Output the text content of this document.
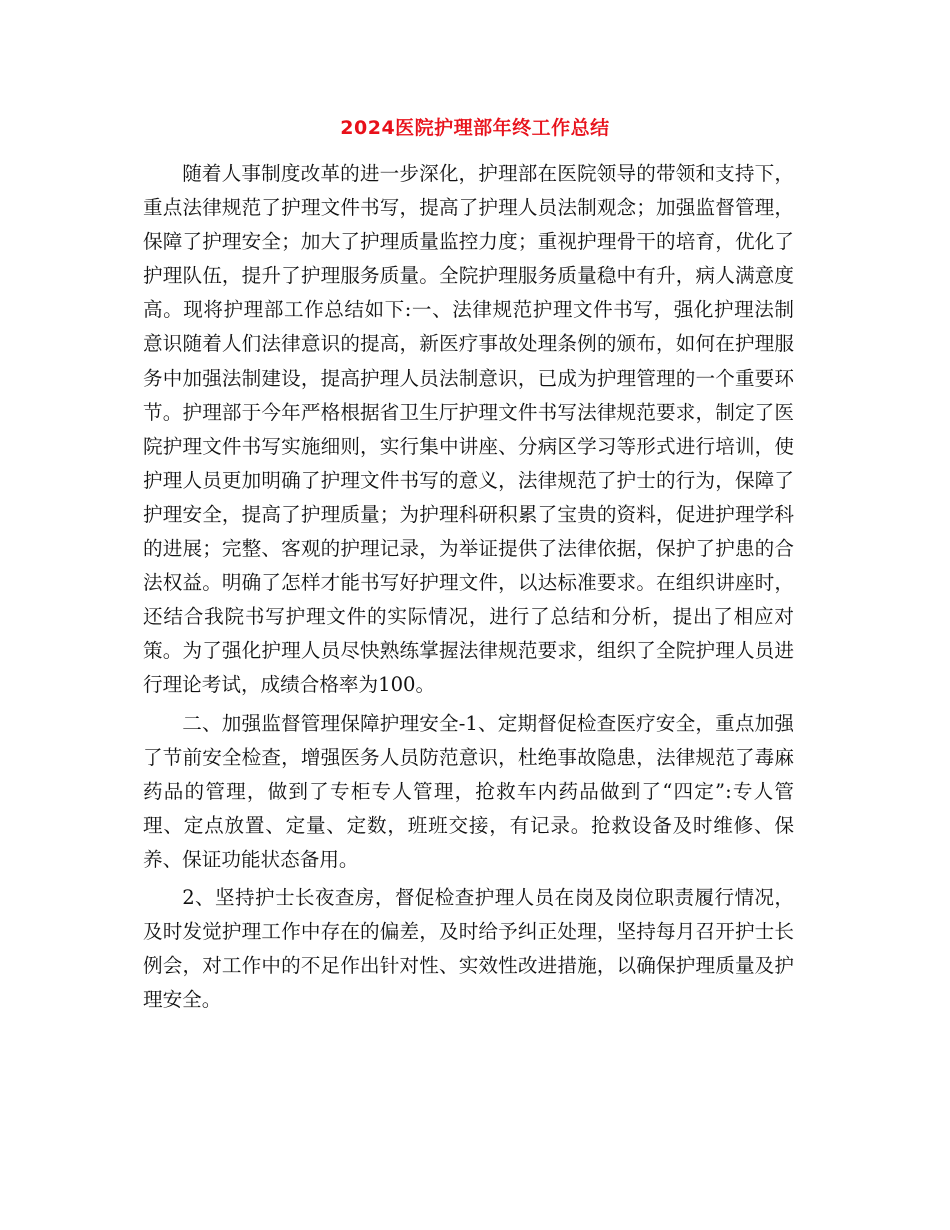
2024医院护理部年终工作总结

随着人事制度改革的进一步深化，护理部在医院领导的带领和支持下，重点法律规范了护理文件书写，提高了护理人员法制观念；加强监督管理，保障了护理安全；加大了护理质量监控力度；重视护理骨干的培育，优化了护理队伍，提升了护理服务质量。全院护理服务质量稳中有升，病人满意度高。现将护理部工作总结如下:一、法律规范护理文件书写，强化护理法制意识随着人们法律意识的提高，新医疗事故处理条例的颁布，如何在护理服务中加强法制建设，提高护理人员法制意识，已成为护理管理的一个重要环节。护理部于今年严格根据省卫生厅护理文件书写法律规范要求，制定了医院护理文件书写实施细则，实行集中讲座、分病区学习等形式进行培训，使护理人员更加明确了护理文件书写的意义，法律规范了护士的行为，保障了护理安全，提高了护理质量；为护理科研积累了宝贵的资料，促进护理学科的进展；完整、客观的护理记录，为举证提供了法律依据，保护了护患的合法权益。明确了怎样才能书写好护理文件，以达标准要求。在组织讲座时，还结合我院书写护理文件的实际情况，进行了总结和分析，提出了相应对策。为了强化护理人员尽快熟练掌握法律规范要求，组织了全院护理人员进行理论考试，成绩合格率为100。

二、加强监督管理保障护理安全-1、定期督促检查医疗安全，重点加强了节前安全检查，增强医务人员防范意识，杜绝事故隐患，法律规范了毒麻药品的管理，做到了专柜专人管理，抢救车内药品做到了“四定”:专人管理、定点放置、定量、定数，班班交接，有记录。抢救设备及时维修、保养、保证功能状态备用。

2、坚持护士长夜查房，督促检查护理人员在岗及岗位职责履行情况，及时发觉护理工作中存在的偏差，及时给予纠正处理，坚持每月召开护士长例会，对工作中的不足作出针对性、实效性改进措施，以确保护理质量及护理安全。
